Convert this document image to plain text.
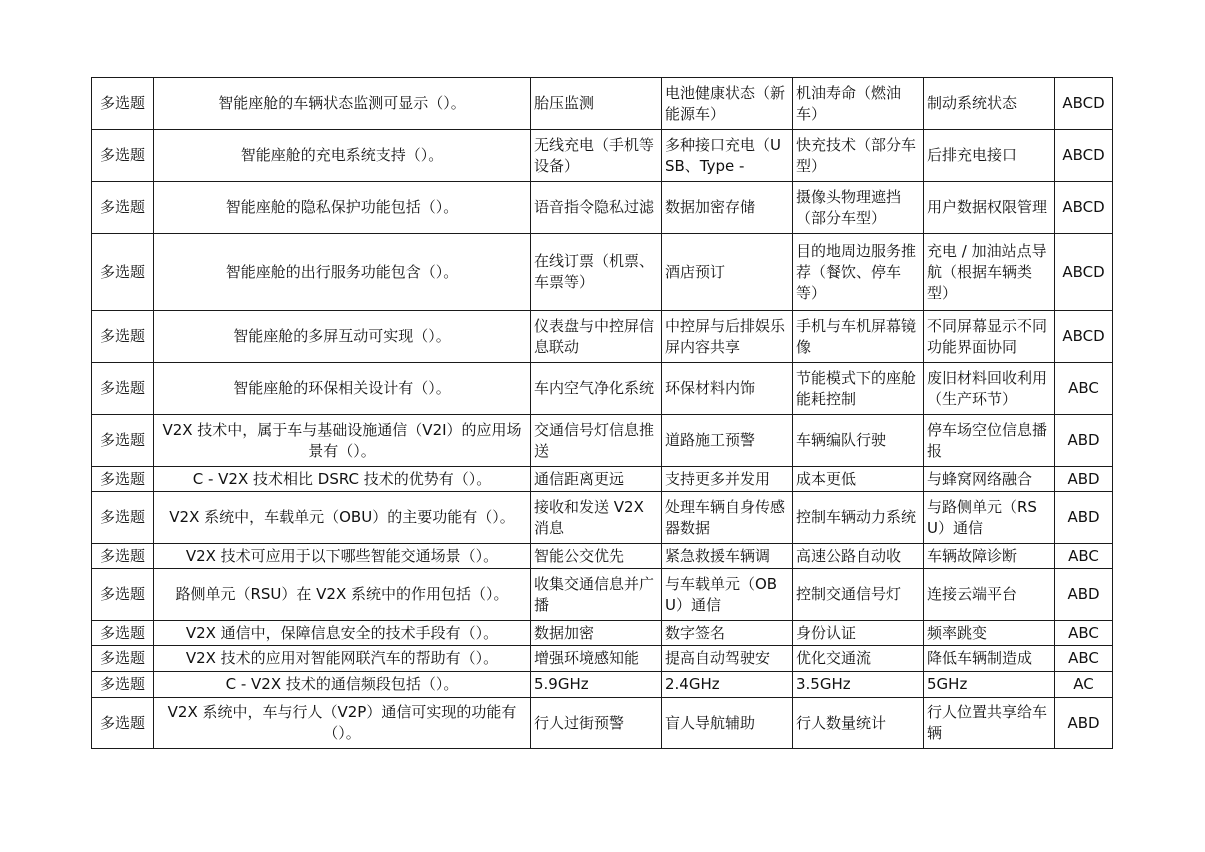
多选题	智能座舱的车辆状态监测可显示（）。	胎压监测	电池健康状态（新能源车）	机油寿命（燃油车）	制动系统状态	ABCD
多选题	智能座舱的充电系统支持（）。	无线充电（手机等设备）	多种接口充电（USB、Type -	快充技术（部分车型）	后排充电接口	ABCD
多选题	智能座舱的隐私保护功能包括（）。	语音指令隐私过滤	数据加密存储	摄像头物理遮挡（部分车型）	用户数据权限管理	ABCD
多选题	智能座舱的出行服务功能包含（）。	在线订票（机票、车票等）	酒店预订	目的地周边服务推荐（餐饮、停车等）	充电 / 加油站点导航（根据车辆类型）	ABCD
多选题	智能座舱的多屏互动可实现（）。	仪表盘与中控屏信息联动	中控屏与后排娱乐屏内容共享	手机与车机屏幕镜像	不同屏幕显示不同功能界面协同	ABCD
多选题	智能座舱的环保相关设计有（）。	车内空气净化系统	环保材料内饰	节能模式下的座舱能耗控制	废旧材料回收利用（生产环节）	ABC
多选题	V2X 技术中，属于车与基础设施通信（V2I）的应用场景有（）。	交通信号灯信息推送	道路施工预警	车辆编队行驶	停车场空位信息播报	ABD
多选题	C - V2X 技术相比 DSRC 技术的优势有（）。	通信距离更远	支持更多并发用	成本更低	与蜂窝网络融合	ABD
多选题	V2X 系统中，车载单元（OBU）的主要功能有（）。	接收和发送 V2X 消息	处理车辆自身传感器数据	控制车辆动力系统	与路侧单元（RSU）通信	ABD
多选题	V2X 技术可应用于以下哪些智能交通场景（）。	智能公交优先	紧急救援车辆调	高速公路自动收	车辆故障诊断	ABC
多选题	路侧单元（RSU）在 V2X 系统中的作用包括（）。	收集交通信息并广播	与车载单元（OBU）通信	控制交通信号灯	连接云端平台	ABD
多选题	V2X 通信中，保障信息安全的技术手段有（）。	数据加密	数字签名	身份认证	频率跳变	ABC
多选题	V2X 技术的应用对智能网联汽车的帮助有（）。	增强环境感知能	提高自动驾驶安	优化交通流	降低车辆制造成	ABC
多选题	C - V2X 技术的通信频段包括（）。	5.9GHz	2.4GHz	3.5GHz	5GHz	AC
多选题	V2X 系统中，车与行人（V2P）通信可实现的功能有（）。	行人过街预警	盲人导航辅助	行人数量统计	行人位置共享给车辆	ABD
